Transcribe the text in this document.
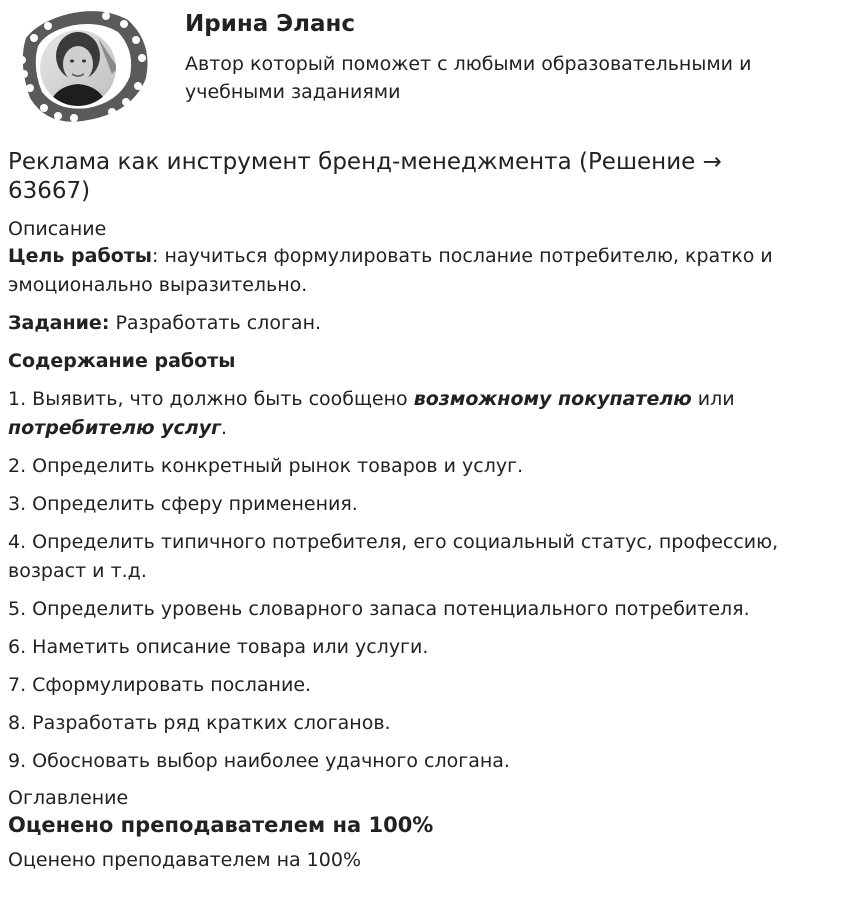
Ирина Эланс
Автор который поможет с любыми образовательными и учебными заданиями
Реклама как инструмент бренд-менеджмента (Решение → 63667)
Описание

Цель работы: научиться формулировать послание потребителю, кратко и эмоционально выразительно.

Задание: Разработать слоган.

Содержание работы

1. Выявить, что должно быть сообщено возможному покупателю или потребителю услуг.

2. Определить конкретный рынок товаров и услуг.

3. Определить сферу применения.

4. Определить типичного потребителя, его социальный статус, профессию, возраст и т.д.

5. Определить уровень словарного запаса потенциального потребителя.

6. Наметить описание товара или услуги.

7. Сформулировать послание.

8. Разработать ряд кратких слоганов.

9. Обосновать выбор наиболее удачного слогана.

Оглавление
Оценено преподавателем на 100%

Оценено преподавателем на 100%
